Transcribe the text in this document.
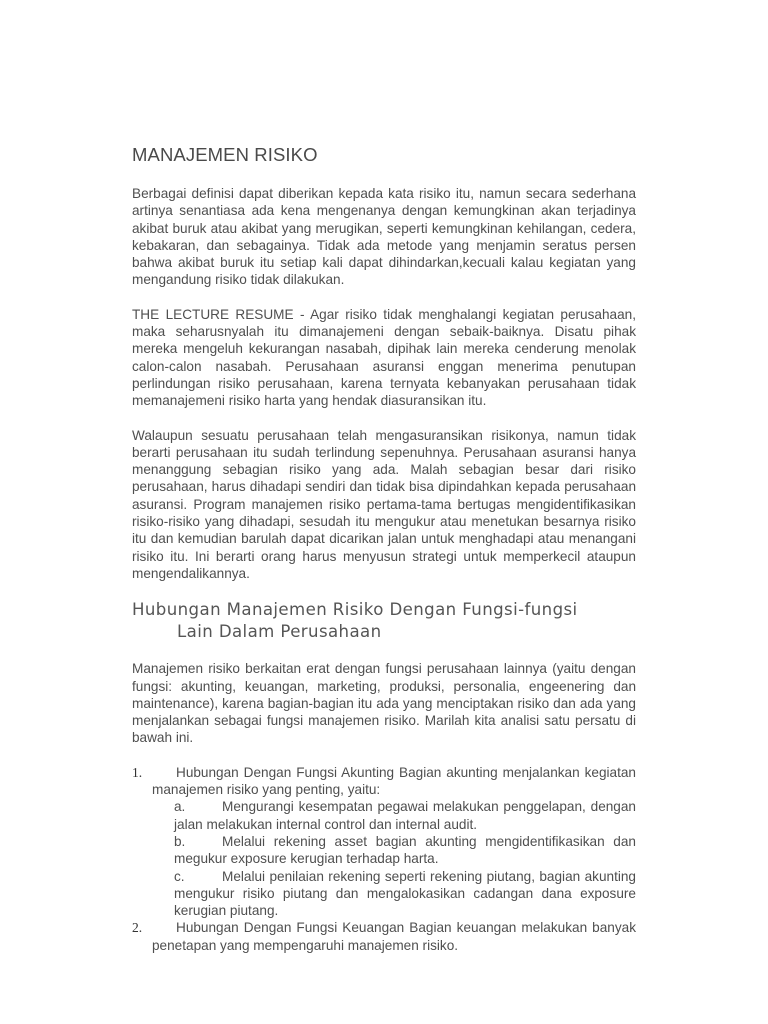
MANAJEMEN RISIKO

Berbagai definisi dapat diberikan kepada kata risiko itu, namun secara sederhana artinya senantiasa ada kena mengenanya dengan kemungkinan akan terjadinya akibat buruk atau akibat yang merugikan, seperti kemungkinan kehilangan, cedera, kebakaran, dan sebagainya. Tidak ada metode yang menjamin seratus persen bahwa akibat buruk itu setiap kali dapat dihindarkan,kecuali kalau kegiatan yang mengandung risiko tidak dilakukan.

THE LECTURE RESUME - Agar risiko tidak menghalangi kegiatan perusahaan, maka seharusnyalah itu dimanajemeni dengan sebaik-baiknya. Disatu pihak mereka mengeluh kekurangan nasabah, dipihak lain mereka cenderung menolak calon-calon nasabah. Perusahaan asuransi enggan menerima penutupan perlindungan risiko perusahaan, karena ternyata kebanyakan perusahaan tidak memanajemeni risiko harta yang hendak diasuransikan itu.

Walaupun sesuatu perusahaan telah mengasuransikan risikonya, namun tidak berarti perusahaan itu sudah terlindung sepenuhnya. Perusahaan asuransi hanya menanggung sebagian risiko yang ada. Malah sebagian besar dari risiko perusahaan, harus dihadapi sendiri dan tidak bisa dipindahkan kepada perusahaan asuransi. Program manajemen risiko pertama-tama bertugas mengidentifikasikan risiko-risiko yang dihadapi, sesudah itu mengukur atau menetukan besarnya risiko itu dan kemudian barulah dapat dicarikan jalan untuk menghadapi atau menangani risiko itu. Ini berarti orang harus menyusun strategi untuk memperkecil ataupun mengendalikannya.

Hubungan Manajemen Risiko Dengan Fungsi-fungsi
Lain Dalam Perusahaan

Manajemen risiko berkaitan erat dengan fungsi perusahaan lainnya (yaitu dengan fungsi: akunting, keuangan, marketing, produksi, personalia, engeenering dan maintenance), karena bagian-bagian itu ada yang menciptakan risiko dan ada yang menjalankan sebagai fungsi manajemen risiko. Marilah kita analisi satu persatu di bawah ini.

1.	Hubungan Dengan Fungsi Akunting Bagian akunting menjalankan kegiatan manajemen risiko yang penting, yaitu:
a.	Mengurangi kesempatan pegawai melakukan penggelapan, dengan jalan melakukan internal control dan internal audit.
b.	Melalui rekening asset bagian akunting mengidentifikasikan dan megukur exposure kerugian terhadap harta.
c.	Melalui penilaian rekening seperti rekening piutang, bagian akunting mengukur risiko piutang dan mengalokasikan cadangan dana exposure kerugian piutang.
2.	Hubungan Dengan Fungsi Keuangan Bagian keuangan melakukan banyak penetapan yang mempengaruhi manajemen risiko.
